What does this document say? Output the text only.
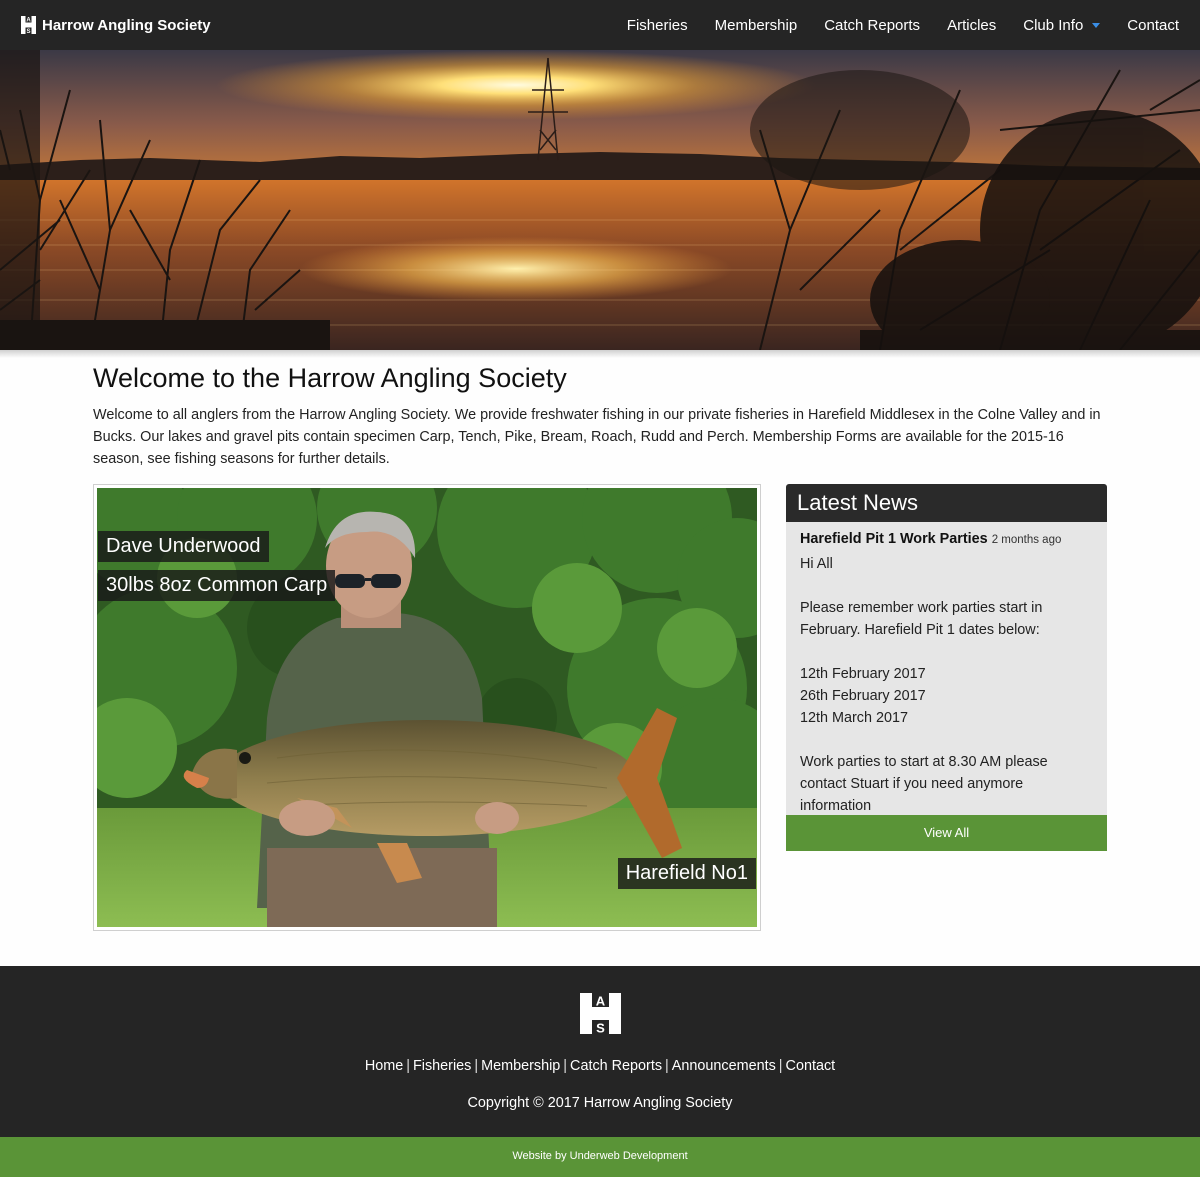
A
S Harrow Angling Society	Fisheries Membership Catch Reports Articles Club Info	Contact
Welcome to the Harrow Angling Society

Welcome to all anglers from the Harrow Angling Society. We provide freshwater fishing in our private fisheries in Harefield Middlesex in the Colne Valley and in Bucks. Our lakes and gravel pits contain specimen Carp, Tench, Pike, Bream, Roach, Rudd and Perch. Membership Forms are available for the 2015-16 season, see fishing seasons for further details.

Dave Underwood
30lbs 8oz Common Carp
Harefield No1
Latest News
Harefield Pit 1 Work Parties 2 months ago
Hi All
Please remember work parties start in February. Harefield Pit 1 dates below:
12th February 2017
26th February 2017
12th March 2017
Work parties to start at 8.30 AM please contact Stuart if you need anymore information
View All
A
S
Home | Fisheries | Membership | Catch Reports | Announcements | Contact
Copyright © 2017 Harrow Angling Society
Website by Underweb Development
